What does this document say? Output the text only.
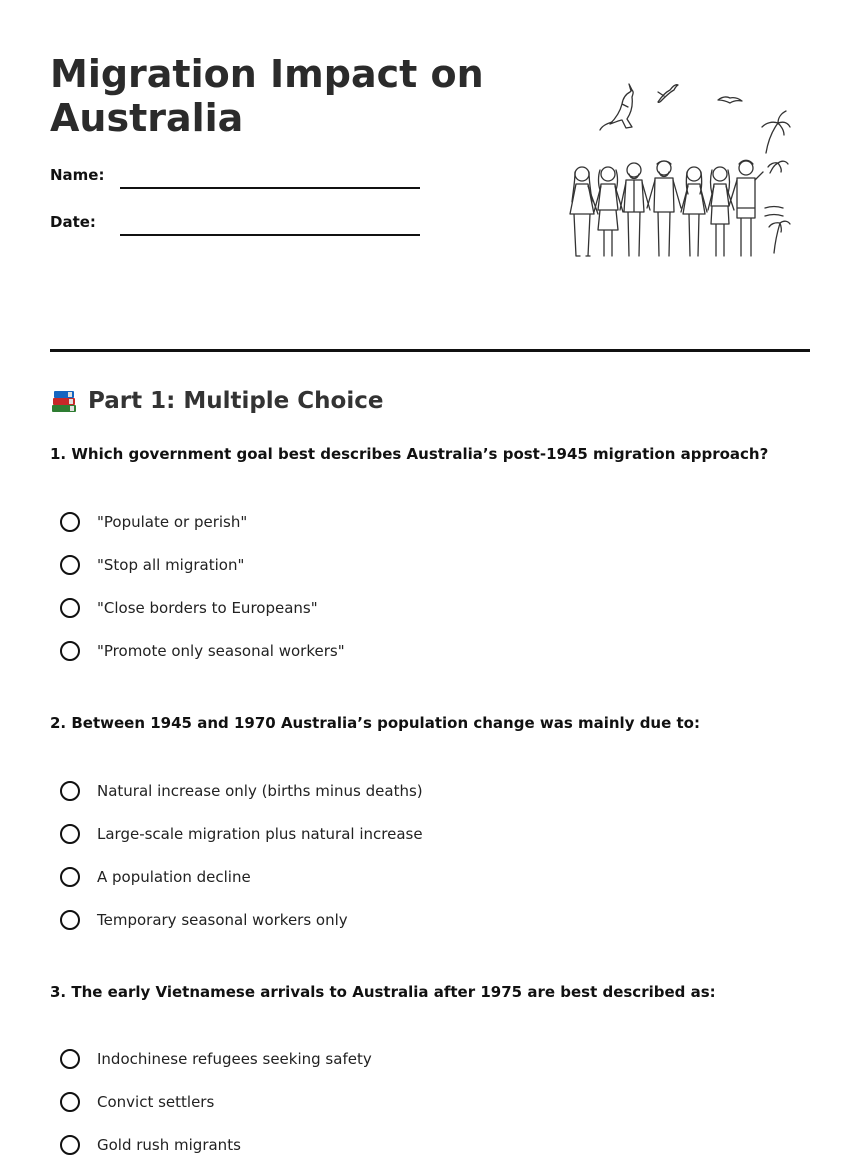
Migration Impact on Australia
Name:
Date:
Part 1: Multiple Choice
1. Which government goal best describes Australia’s post-1945 migration approach?
"Populate or perish"
"Stop all migration"
"Close borders to Europeans"
"Promote only seasonal workers"
2. Between 1945 and 1970 Australia’s population change was mainly due to:
Natural increase only (births minus deaths)
Large-scale migration plus natural increase
A population decline
Temporary seasonal workers only
3. The early Vietnamese arrivals to Australia after 1975 are best described as:
Indochinese refugees seeking safety
Convict settlers
Gold rush migrants
